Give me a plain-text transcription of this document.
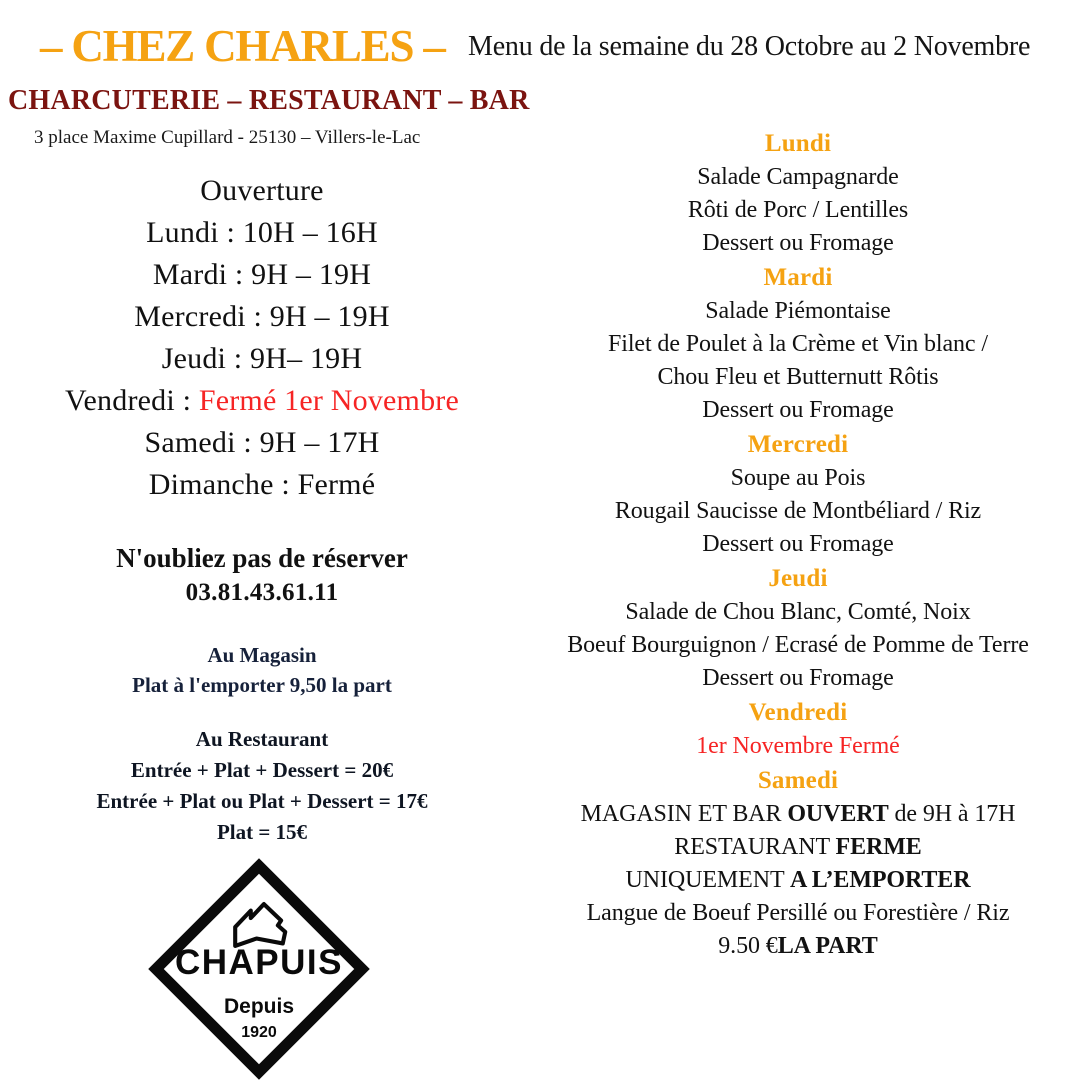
– CHEZ CHARLES – Menu de la semaine du 28 Octobre au 2 Novembre
CHARCUTERIE – RESTAURANT – BAR
3 place Maxime Cupillard - 25130 – Villers-le-Lac
Ouverture
Lundi : 10H – 16H
Mardi : 9H – 19H
Mercredi : 9H – 19H
Jeudi : 9H– 19H
Vendredi : Fermé 1er Novembre
Samedi : 9H – 17H
Dimanche : Fermé
N'oubliez pas de réserver
03.81.43.61.11
Au Magasin
Plat à l'emporter 9,50 la part
Au Restaurant
Entrée + Plat + Dessert = 20€
Entrée + Plat ou Plat + Dessert = 17€
Plat = 15€
CHAPUIS
Depuis
1920
Lundi
Salade Campagnarde
Rôti de Porc / Lentilles
Dessert ou Fromage
Mardi
Salade Piémontaise
Filet de Poulet à la Crème et Vin blanc /
Chou Fleu et Butternutt Rôtis
Dessert ou Fromage
Mercredi
Soupe au Pois
Rougail Saucisse de Montbéliard / Riz
Dessert ou Fromage
Jeudi
Salade de Chou Blanc, Comté, Noix
Boeuf Bourguignon / Ecrasé de Pomme de Terre
Dessert ou Fromage
Vendredi
1er Novembre Fermé
Samedi
MAGASIN ET BAR OUVERT de 9H à 17H
RESTAURANT FERME
UNIQUEMENT A L’EMPORTER
Langue de Boeuf Persillé ou Forestière / Riz
9.50 €LA PART
